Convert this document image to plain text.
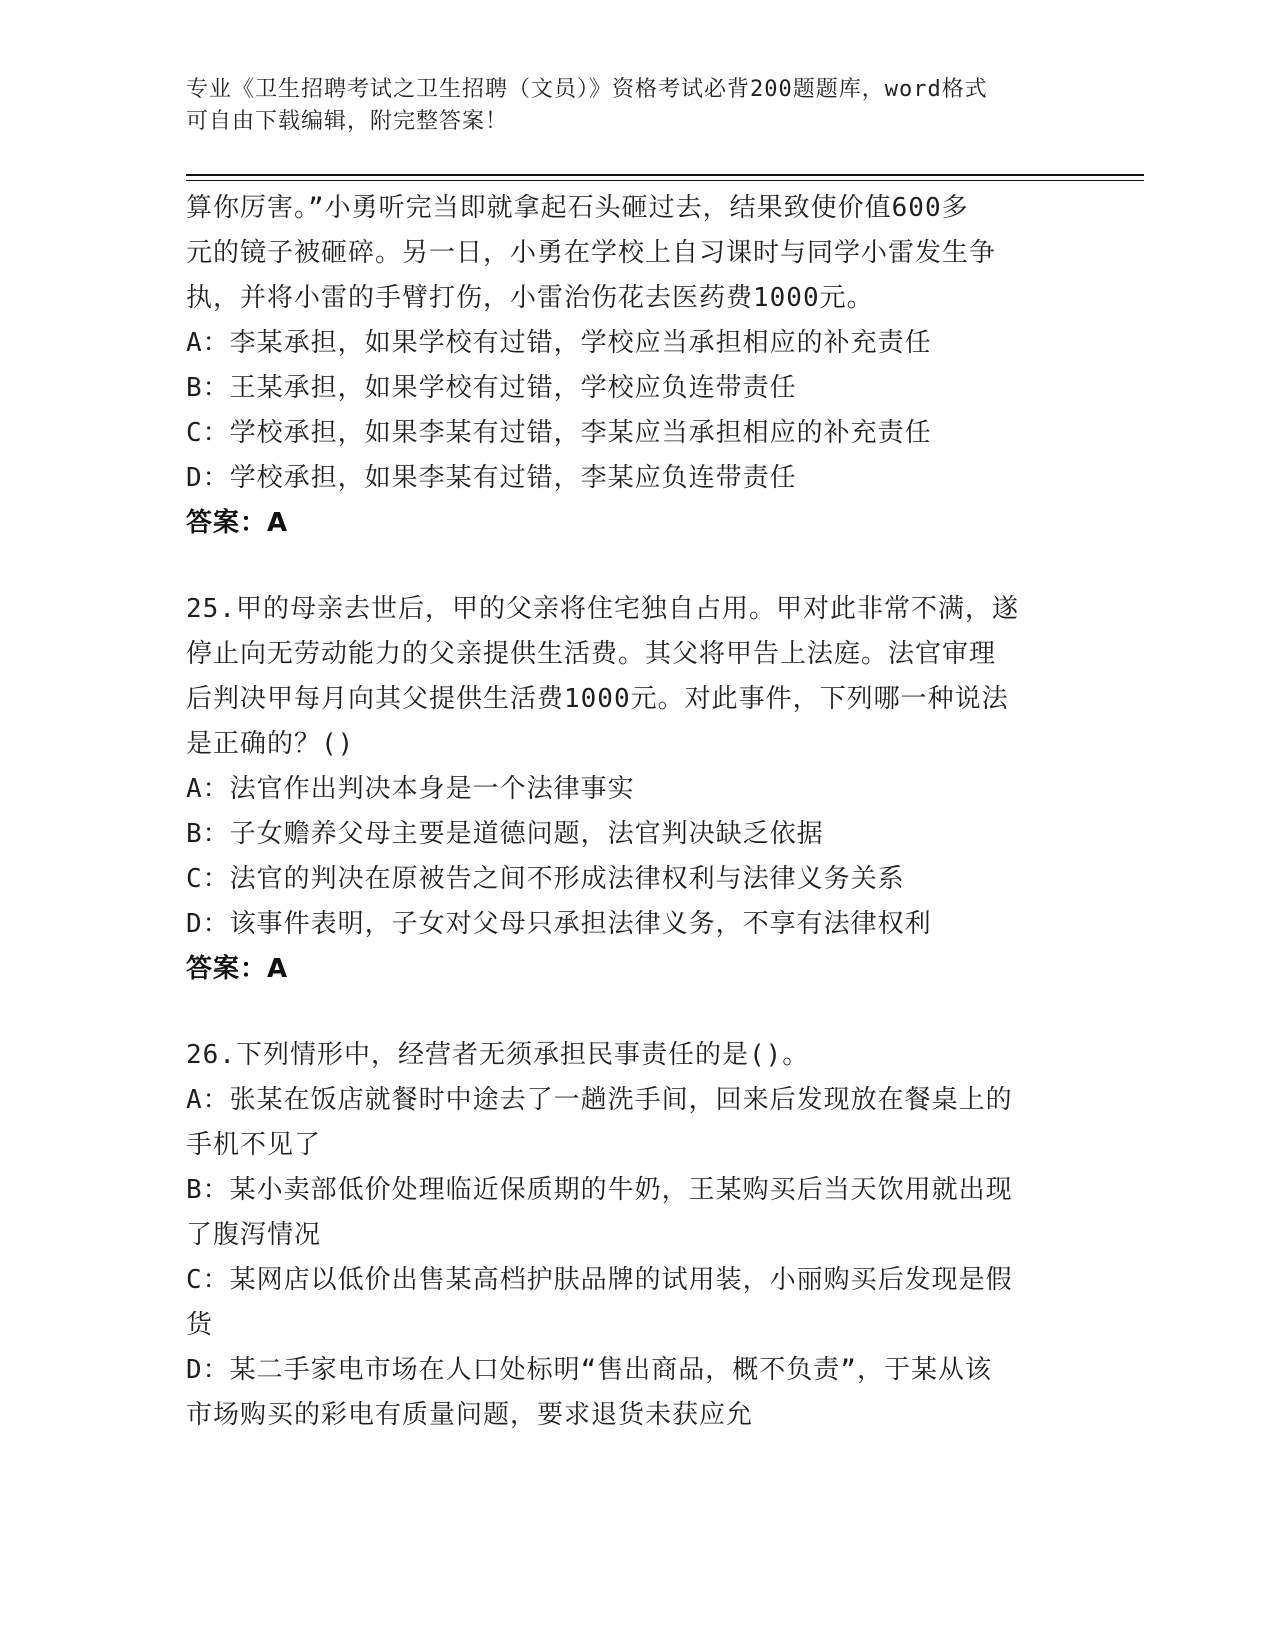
专业《卫生招聘考试之卫生招聘（文员）》资格考试必背200题题库，word格式
可自由下载编辑，附完整答案！
算你厉害。”小勇听完当即就拿起石头砸过去，结果致使价值600多
元的镜子被砸碎。另一日，小勇在学校上自习课时与同学小雷发生争
执，并将小雷的手臂打伤，小雷治伤花去医药费1000元。
A：李某承担，如果学校有过错，学校应当承担相应的补充责任
B：王某承担，如果学校有过错，学校应负连带责任
C：学校承担，如果李某有过错，李某应当承担相应的补充责任
D：学校承担，如果李某有过错，李某应负连带责任
答案：A
25.甲的母亲去世后，甲的父亲将住宅独自占用。甲对此非常不满，遂
停止向无劳动能力的父亲提供生活费。其父将甲告上法庭。法官审理
后判决甲每月向其父提供生活费1000元。对此事件，下列哪一种说法
是正确的？()
A：法官作出判决本身是一个法律事实
B：子女赡养父母主要是道德问题，法官判决缺乏依据
C：法官的判决在原被告之间不形成法律权利与法律义务关系
D：该事件表明，子女对父母只承担法律义务，不享有法律权利
答案：A
26.下列情形中，经营者无须承担民事责任的是()。
A：张某在饭店就餐时中途去了一趟洗手间，回来后发现放在餐桌上的
手机不见了
B：某小卖部低价处理临近保质期的牛奶，王某购买后当天饮用就出现
了腹泻情况
C：某网店以低价出售某高档护肤品牌的试用装，小丽购买后发现是假
货
D：某二手家电市场在人口处标明“售出商品，概不负责”，于某从该
市场购买的彩电有质量问题，要求退货未获应允
